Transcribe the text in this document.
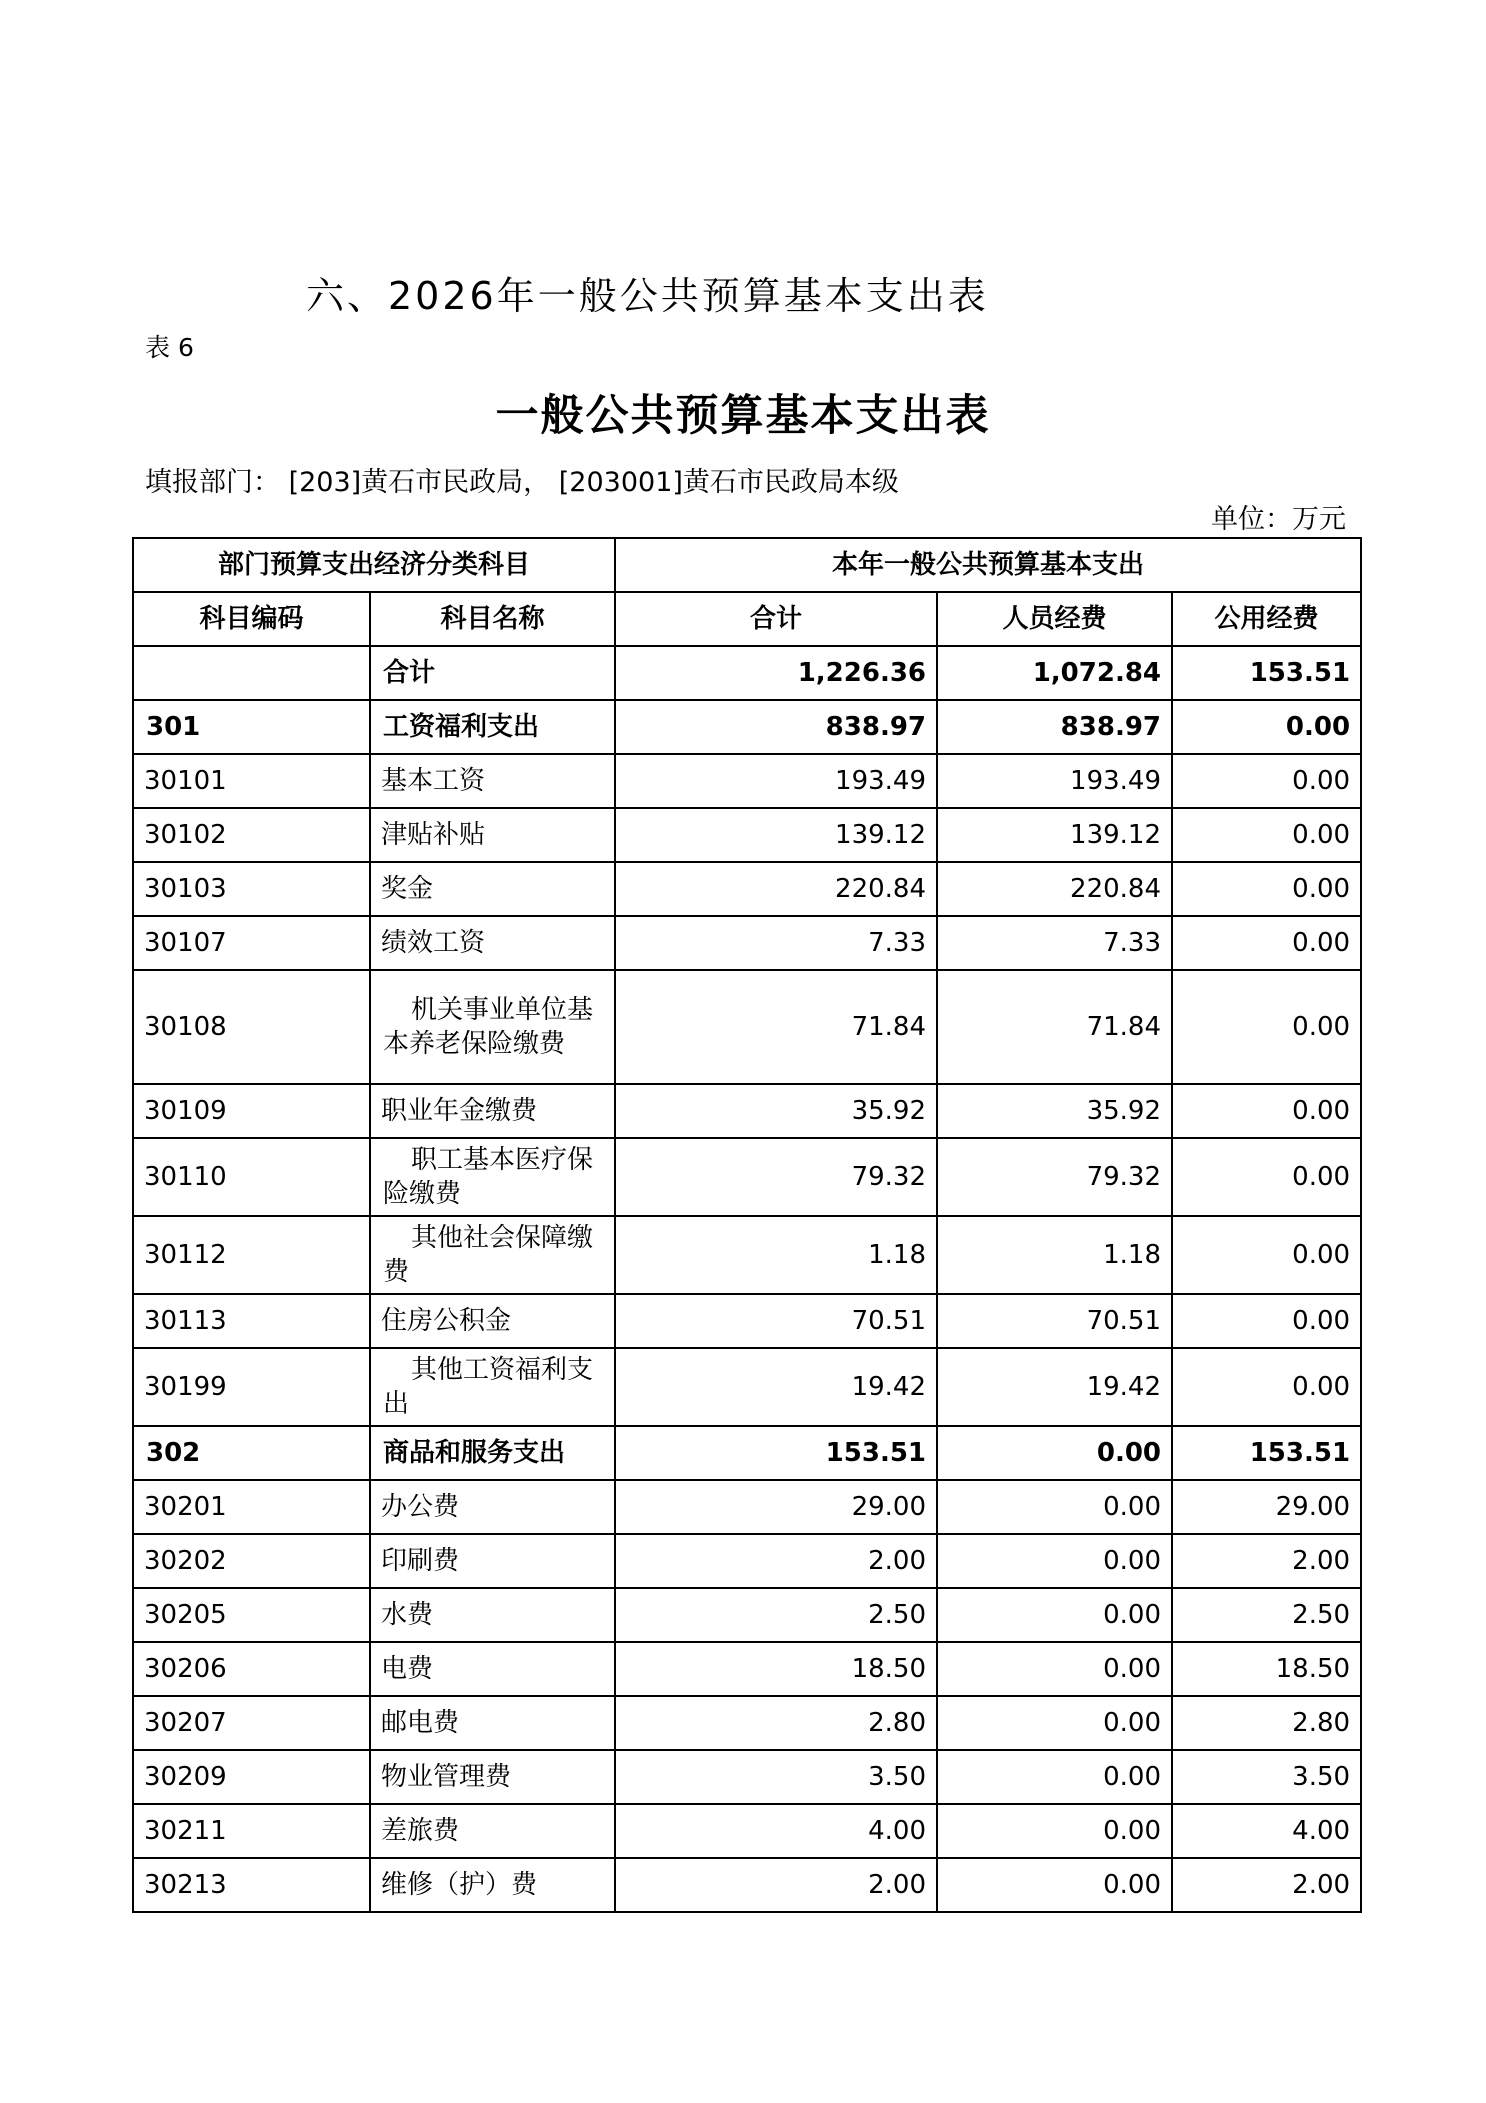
六、2026年一般公共预算基本支出表
表 6
一般公共预算基本支出表
填报部门： [203]黄石市民政局， [203001]黄石市民政局本级
单位：万元
部门预算支出经济分类科目		本年一般公共预算基本支出		
科目编码	科目名称	合计	人员经费	公用经费
	合计	1,226.36	1,072.84	153.51
301	工资福利支出	838.97	838.97	0.00
30101	基本工资	193.49	193.49	0.00
30102	津贴补贴	139.12	139.12	0.00
30103	奖金	220.84	220.84	0.00
30107	绩效工资	7.33	7.33	0.00
30108	机关事业单位基本养老保险缴费	71.84	71.84	0.00
30109	职业年金缴费	35.92	35.92	0.00
30110	职工基本医疗保险缴费	79.32	79.32	0.00
30112	其他社会保障缴费	1.18	1.18	0.00
30113	住房公积金	70.51	70.51	0.00
30199	其他工资福利支出	19.42	19.42	0.00
302	商品和服务支出	153.51	0.00	153.51
30201	办公费	29.00	0.00	29.00
30202	印刷费	2.00	0.00	2.00
30205	水费	2.50	0.00	2.50
30206	电费	18.50	0.00	18.50
30207	邮电费	2.80	0.00	2.80
30209	物业管理费	3.50	0.00	3.50
30211	差旅费	4.00	0.00	4.00
30213	维修（护）费	2.00	0.00	2.00
